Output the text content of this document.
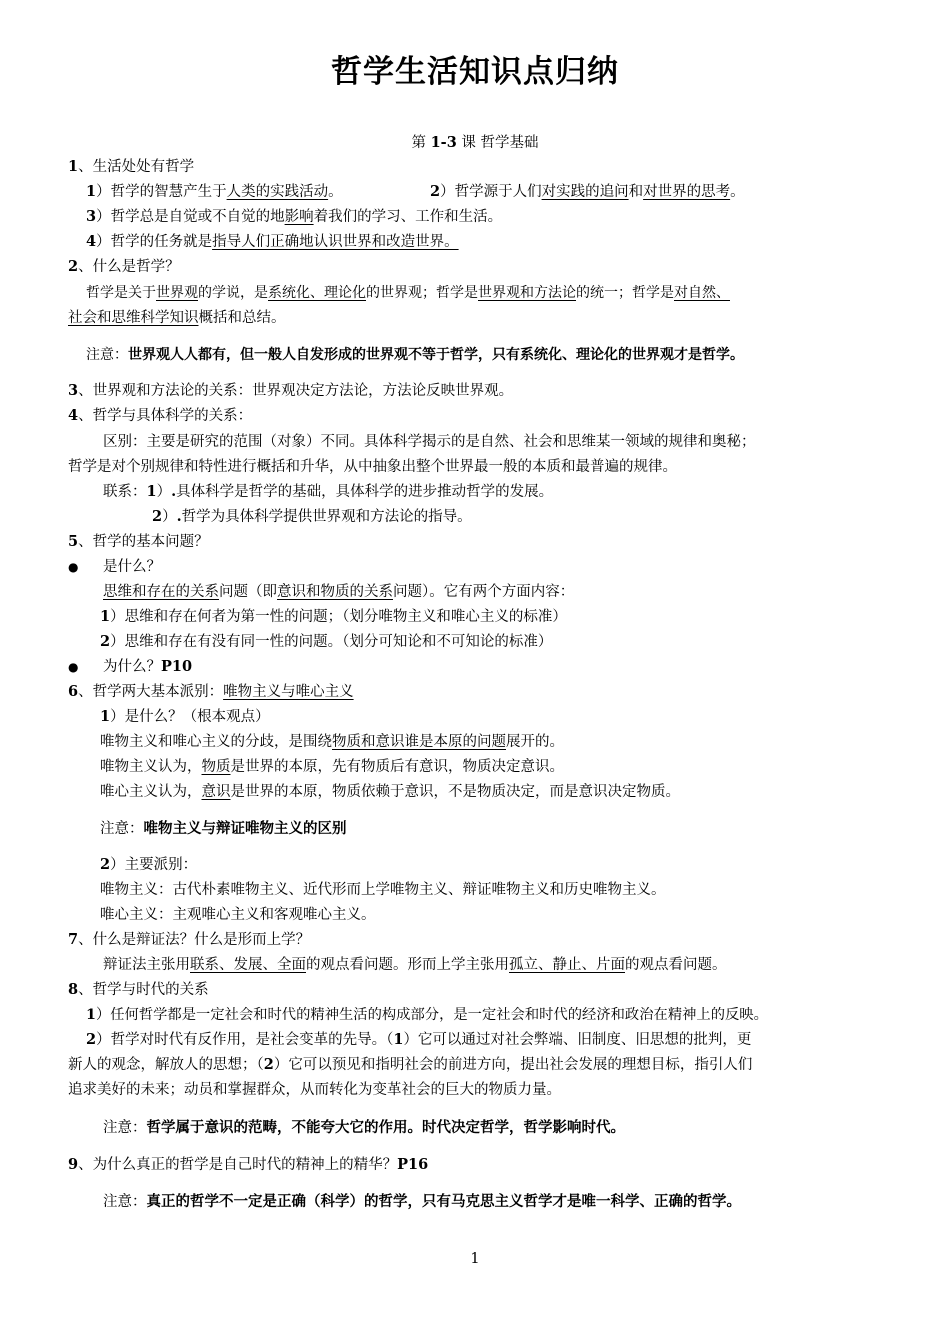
哲学生活知识点归纳
第 1-3 课 哲学基础
1、生活处处有哲学
1）哲学的智慧产生于人类的实践活动。	2）哲学源于人们对实践的追问和对世界的思考。
3）哲学总是自觉或不自觉的地影响着我们的学习、工作和生活。
4）哲学的任务就是指导人们正确地认识世界和改造世界。
2、什么是哲学？
哲学是关于世界观的学说，是系统化、理论化的世界观；哲学是世界观和方法论的统一；哲学是对自然、
社会和思维科学知识概括和总结。
注意：世界观人人都有，但一般人自发形成的世界观不等于哲学，只有系统化、理论化的世界观才是哲学。
3、世界观和方法论的关系：世界观决定方法论，方法论反映世界观。
4、哲学与具体科学的关系：
区别：主要是研究的范围（对象）不同。具体科学揭示的是自然、社会和思维某一领域的规律和奥秘；
哲学是对个别规律和特性进行概括和升华，从中抽象出整个世界最一般的本质和最普遍的规律。
联系：1）.具体科学是哲学的基础，具体科学的进步推动哲学的发展。
2）.哲学为具体科学提供世界观和方法论的指导。
5、哲学的基本问题？
● 是什么？
思维和存在的关系问题（即意识和物质的关系问题）。它有两个方面内容：
1）思维和存在何者为第一性的问题；（划分唯物主义和唯心主义的标准）
2）思维和存在有没有同一性的问题。（划分可知论和不可知论的标准）
● 为什么？P10
6、哲学两大基本派别：唯物主义与唯心主义
1）是什么？（根本观点）
唯物主义和唯心主义的分歧，是围绕物质和意识谁是本原的问题展开的。
唯物主义认为，物质是世界的本原，先有物质后有意识，物质决定意识。
唯心主义认为，意识是世界的本原，物质依赖于意识，不是物质决定，而是意识决定物质。
注意：唯物主义与辩证唯物主义的区别
2）主要派别：
唯物主义：古代朴素唯物主义、近代形而上学唯物主义、辩证唯物主义和历史唯物主义。
唯心主义：主观唯心主义和客观唯心主义。
7、什么是辩证法？什么是形而上学？
辩证法主张用联系、发展、全面的观点看问题。形而上学主张用孤立、静止、片面的观点看问题。
8、哲学与时代的关系
1）任何哲学都是一定社会和时代的精神生活的构成部分，是一定社会和时代的经济和政治在精神上的反映。
2）哲学对时代有反作用，是社会变革的先导。（1）它可以通过对社会弊端、旧制度、旧思想的批判，更
新人的观念，解放人的思想；（2）它可以预见和指明社会的前进方向，提出社会发展的理想目标，指引人们
追求美好的未来；动员和掌握群众，从而转化为变革社会的巨大的物质力量。
注意：哲学属于意识的范畴，不能夸大它的作用。时代决定哲学，哲学影响时代。
9、为什么真正的哲学是自己时代的精神上的精华？P16
注意：真正的哲学不一定是正确（科学）的哲学，只有马克思主义哲学才是唯一科学、正确的哲学。
1
